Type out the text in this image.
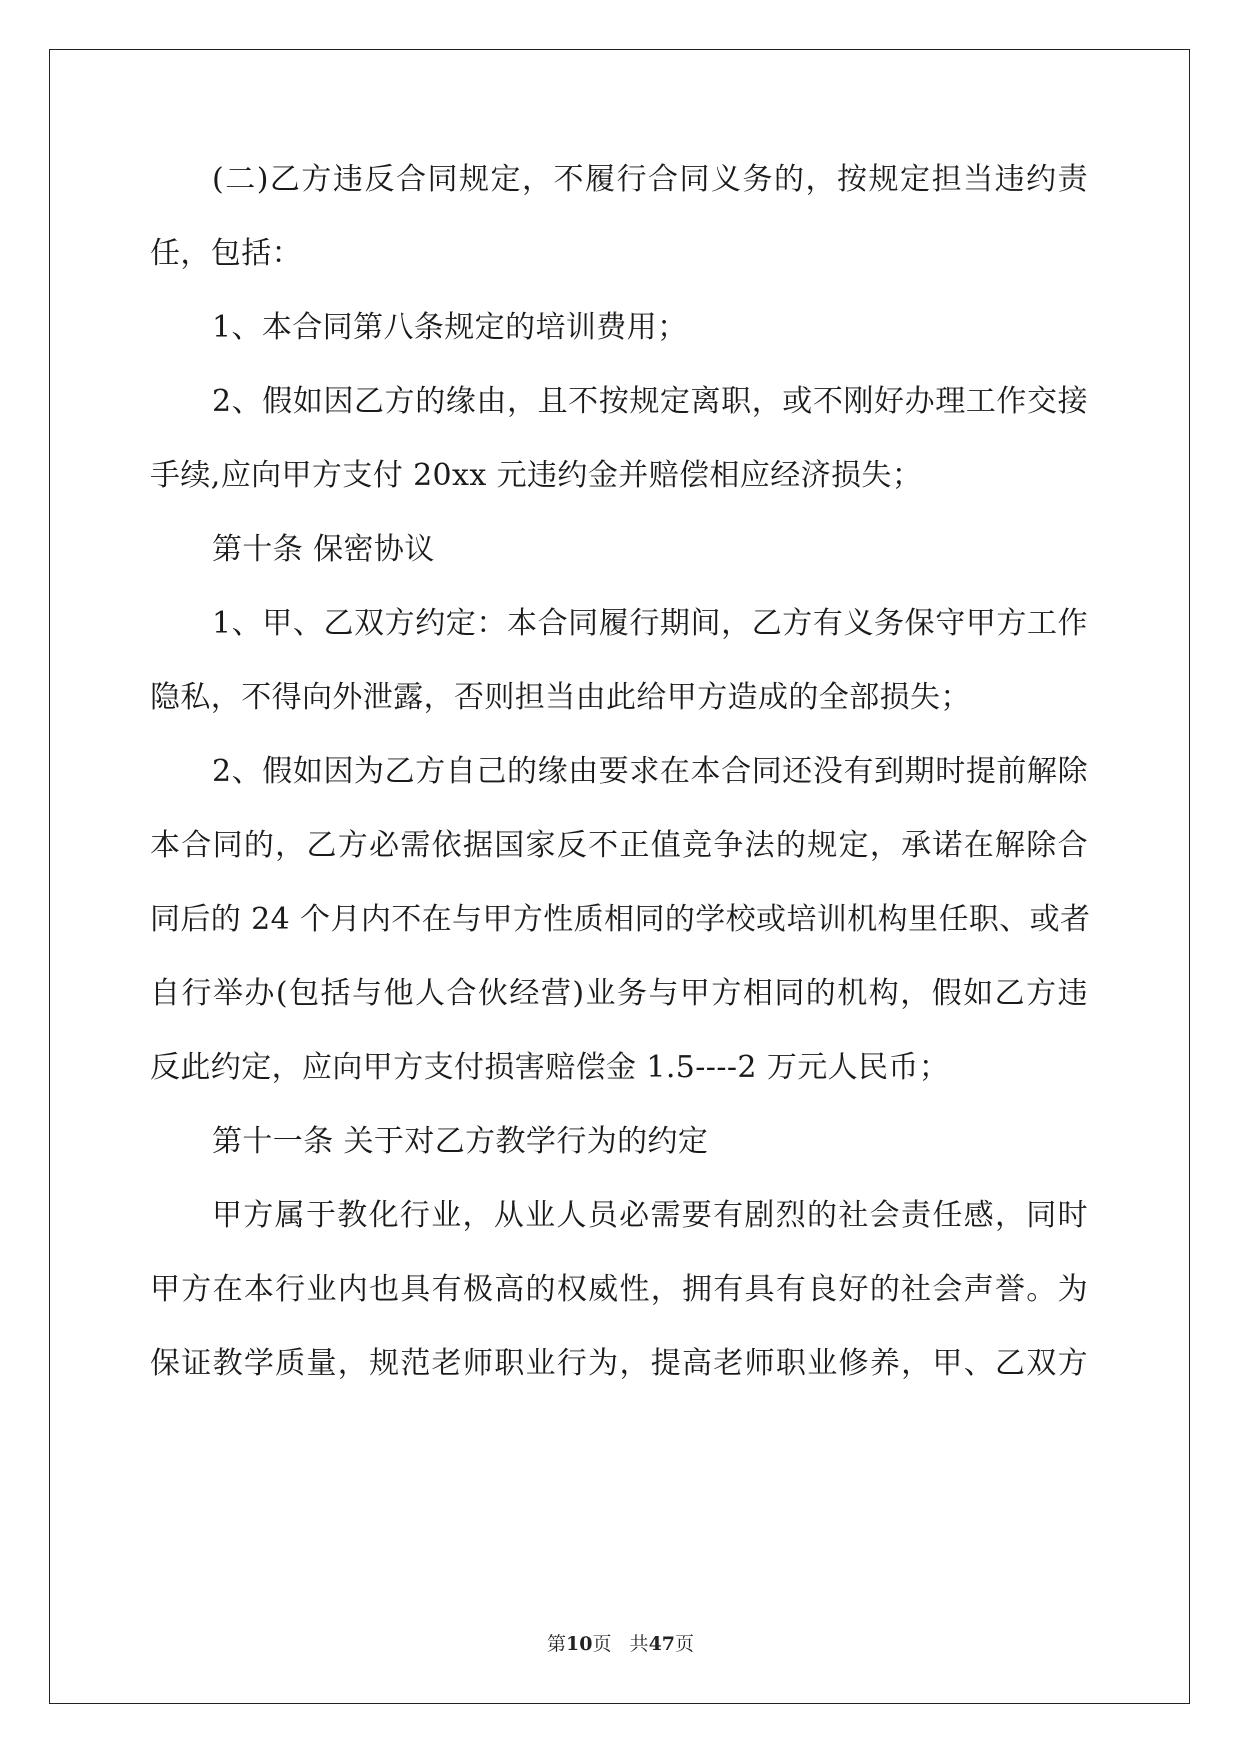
(二)乙方违反合同规定，不履行合同义务的，按规定担当违约责
任，包括：
1、本合同第八条规定的培训费用；
2、假如因乙方的缘由，且不按规定离职，或不刚好办理工作交接
手续,应向甲方支付 20xx 元违约金并赔偿相应经济损失；
第十条 保密协议
1、甲、乙双方约定：本合同履行期间，乙方有义务保守甲方工作
隐私，不得向外泄露，否则担当由此给甲方造成的全部损失；
2、假如因为乙方自己的缘由要求在本合同还没有到期时提前解除
本合同的，乙方必需依据国家反不正值竞争法的规定，承诺在解除合
同后的 24 个月内不在与甲方性质相同的学校或培训机构里任职、或者
自行举办(包括与他人合伙经营)业务与甲方相同的机构，假如乙方违
反此约定，应向甲方支付损害赔偿金 1.5----2 万元人民币；
第十一条 关于对乙方教学行为的约定
甲方属于教化行业，从业人员必需要有剧烈的社会责任感，同时
甲方在本行业内也具有极高的权威性，拥有具有良好的社会声誉。为
保证教学质量，规范老师职业行为，提高老师职业修养，甲、乙双方
第10页   共47页
